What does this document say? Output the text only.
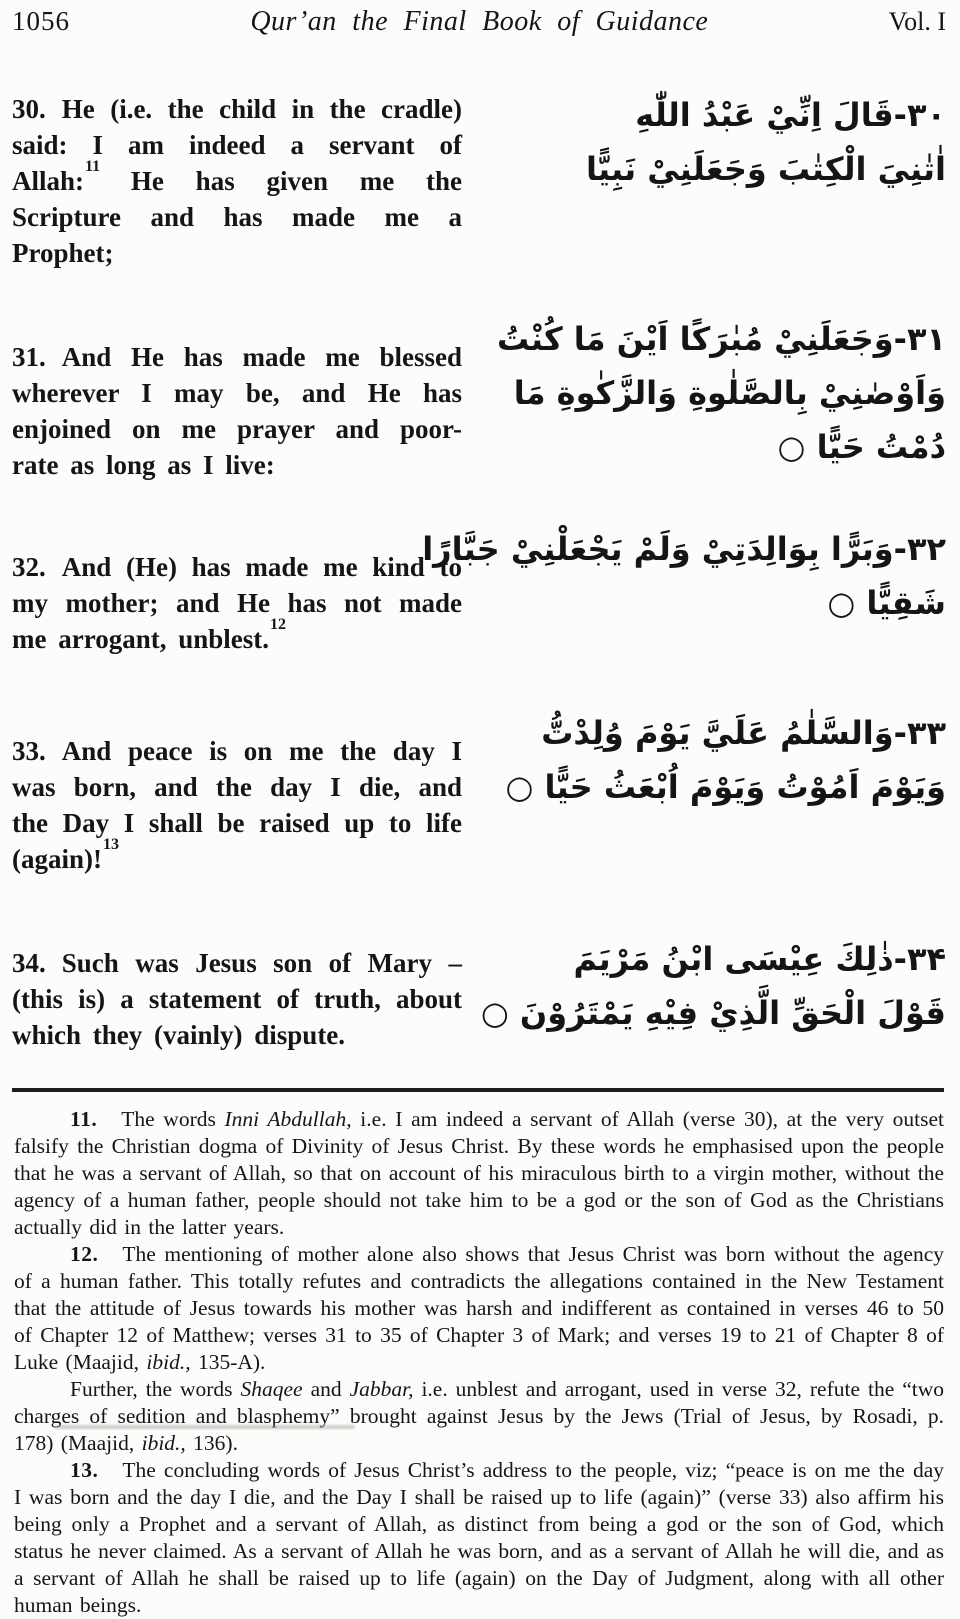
1056	Qur’an the Final Book of Guidance	Vol. I

30. He (i.e. the child in the cradle) said: I am indeed a servant of Allah:$^{11}$ He has given me the Scripture and has made me a Prophet;

۳۰-قَالَ اِنِّيْ عَبْدُ اللّٰهِ
اٰتٰنِيَ الْكِتٰبَ وَجَعَلَنِيْ نَبِيًّا

31. And He has made me blessed wherever I may be, and He has enjoined on me prayer and poor-rate as long as I live:

۳۱-وَجَعَلَنِيْ مُبٰرَكًا اَيْنَ مَا كُنْتُ
وَاَوْصٰنِيْ بِالصَّلٰوةِ وَالزَّكٰوةِ مَا
دُمْتُ حَيًّا ○

32. And (He) has made me kind to my mother; and He has not made me arrogant, unblest.$^{12}$

۳۲-وَبَرًّا بِوَالِدَتِيْ وَلَمْ يَجْعَلْنِيْ جَبَّارًا
شَقِيًّا ○

33. And peace is on me the day I was born, and the day I die, and the Day I shall be raised up to life (again)!$^{13}$

۳۳-وَالسَّلٰمُ عَلَيَّ يَوْمَ وُلِدْتُّ
وَيَوْمَ اَمُوْتُ وَيَوْمَ اُبْعَثُ حَيًّا ○

34. Such was Jesus son of Mary – (this is) a statement of truth, about which they (vainly) dispute.

۳۴-ذٰلِكَ عِيْسَى ابْنُ مَرْيَمَ
قَوْلَ الْحَقِّ الَّذِيْ فِيْهِ يَمْتَرُوْنَ ○

11. The words Inni Abdullah, i.e. I am indeed a servant of Allah (verse 30), at the very outset falsify the Christian dogma of Divinity of Jesus Christ. By these words he emphasised upon the people that he was a servant of Allah, so that on account of his miraculous birth to a virgin mother, without the agency of a human father, people should not take him to be a god or the son of God as the Christians actually did in the latter years.

12. The mentioning of mother alone also shows that Jesus Christ was born without the agency of a human father. This totally refutes and contradicts the allegations contained in the New Testament that the attitude of Jesus towards his mother was harsh and indifferent as contained in verses 46 to 50 of Chapter 12 of Matthew; verses 31 to 35 of Chapter 3 of Mark; and verses 19 to 21 of Chapter 8 of Luke (Maajid, ibid., 135-A).

Further, the words Shaqee and Jabbar, i.e. unblest and arrogant, used in verse 32, refute the “two charges of sedition and blasphemy” brought against Jesus by the Jews (Trial of Jesus, by Rosadi, p. 178) (Maajid, ibid., 136).

13. The concluding words of Jesus Christ’s address to the people, viz; “peace is on me the day I was born and the day I die, and the Day I shall be raised up to life (again)” (verse 33) also affirm his being only a Prophet and a servant of Allah, as distinct from being a god or the son of God, which status he never claimed. As a servant of Allah he was born, and as a servant of Allah he will die, and as a servant of Allah he shall be raised up to life (again) on the Day of Judgment, along with all other human beings.
